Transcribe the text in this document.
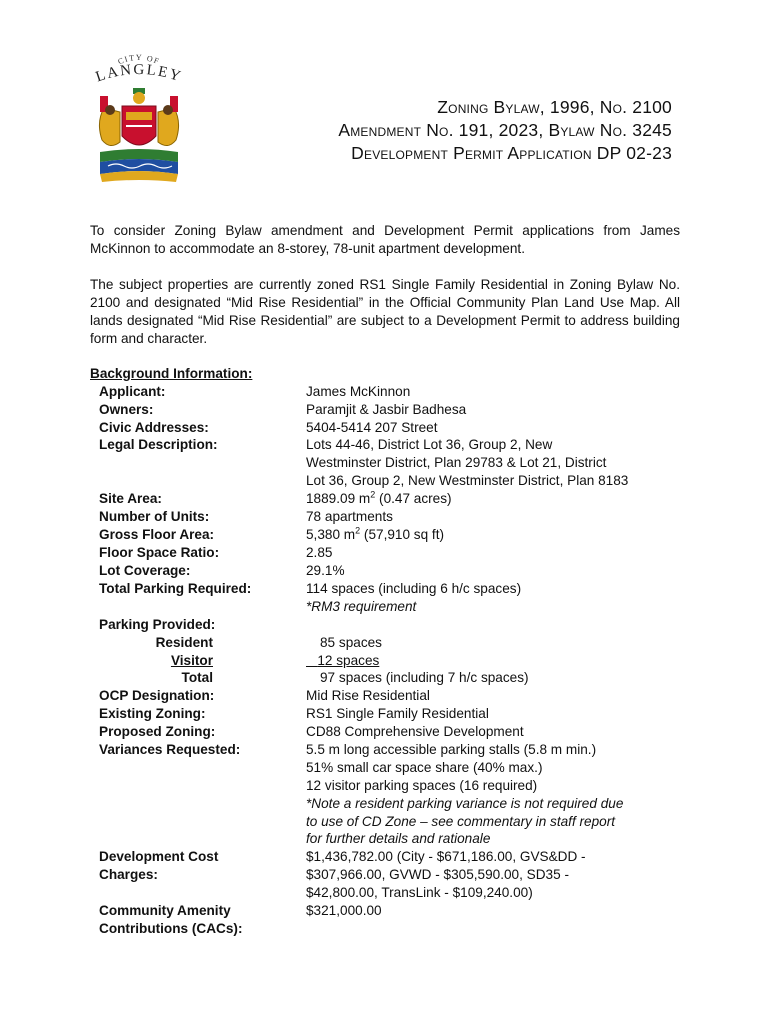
CITY OF
LANGLEY
Zoning Bylaw, 1996, No. 2100
Amendment No. 191, 2023, Bylaw No. 3245
Development Permit Application DP 02-23
To consider Zoning Bylaw amendment and Development Permit applications from James McKinnon to accommodate an 8-storey, 78-unit apartment development.
The subject properties are currently zoned RS1 Single Family Residential in Zoning Bylaw No. 2100 and designated “Mid Rise Residential” in the Official Community Plan Land Use Map. All lands designated “Mid Rise Residential” are subject to a Development Permit to address building form and character.
Background Information:
Applicant:	James McKinnon
Owners:	Paramjit & Jasbir Badhesa
Civic Addresses:	5404-5414 207 Street
Legal Description:	Lots 44-46, District Lot 36, Group 2, New
Westminster District, Plan 29783 & Lot 21, District
Lot 36, Group 2, New Westminster District, Plan 8183
Site Area:	1889.09 $m^2$ (0.47 acres)
Number of Units:	78 apartments
Gross Floor Area:	5,380 $m^2$ (57,910 sq ft)
Floor Space Ratio:	2.85
Lot Coverage:	29.1%
Total Parking Required:	114 spaces (including 6 h/c spaces)
*RM3 requirement
Parking Provided:
Resident	85 spaces
Visitor	12 spaces
Total	97 spaces (including 7 h/c spaces)
OCP Designation:	Mid Rise Residential
Existing Zoning:	RS1 Single Family Residential
Proposed Zoning:	CD88 Comprehensive Development
Variances Requested:	5.5 m long accessible parking stalls (5.8 m min.)
51% small car space share (40% max.)
12 visitor parking spaces (16 required)
*Note a resident parking variance is not required due
to use of CD Zone – see commentary in staff report
for further details and rationale
Development Cost
Charges:
$1,436,782.00 (City - $671,186.00, GVS&DD -
$307,966.00, GVWD - $305,590.00, SD35 -
$42,800.00, TransLink - $109,240.00)
Community Amenity
Contributions (CACs):
$321,000.00
